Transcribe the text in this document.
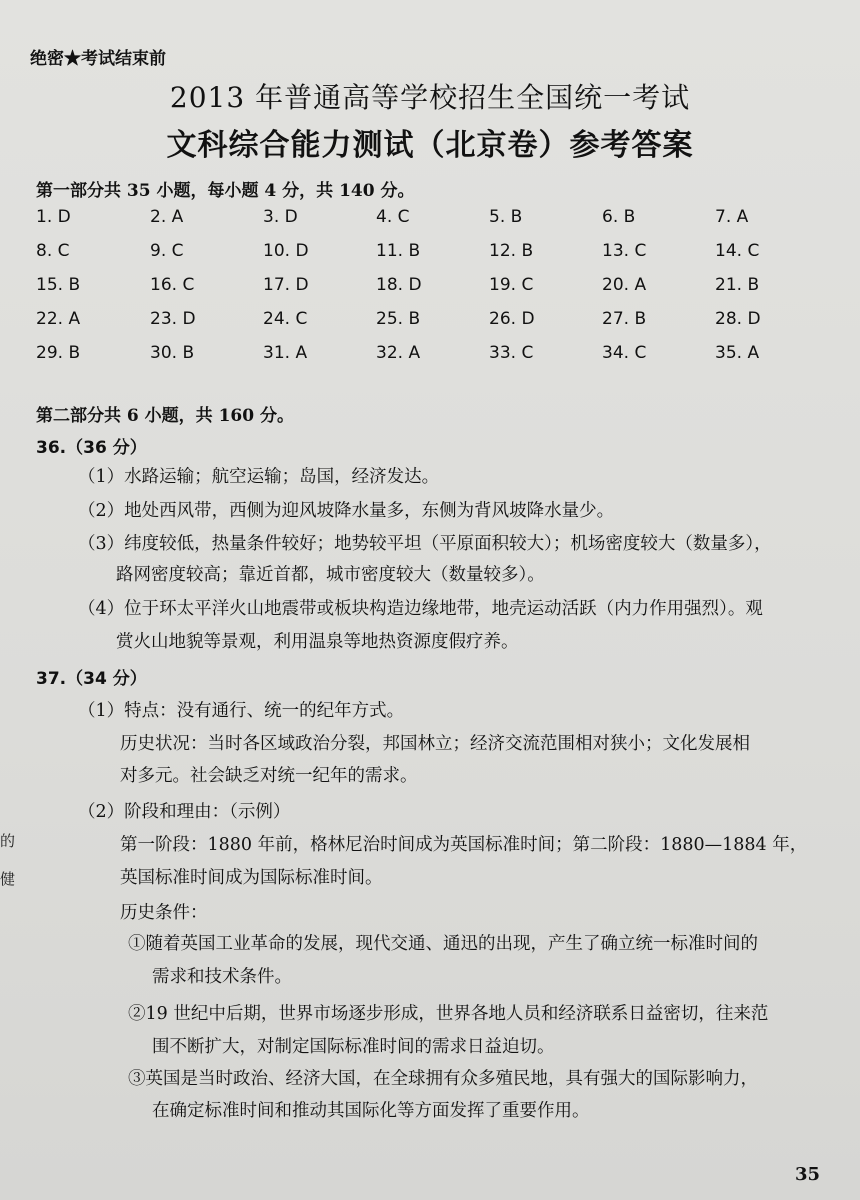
绝密★考试结束前
2013 年普通高等学校招生全国统一考试
文科综合能力测试（北京卷）参考答案
第一部分共 35 小题，每小题 4 分，共 140 分。
1. D	2. A	3. D	4. C	5. B	6. B	7. A
8. C	9. C	10. D	11. B	12. B	13. C	14. C
15. B	16. C	17. D	18. D	19. C	20. A	21. B
22. A	23. D	24. C	25. B	26. D	27. B	28. D
29. B	30. B	31. A	32. A	33. C	34. C	35. A
第二部分共 6 小题，共 160 分。
36.（36 分）
（1）水路运输；航空运输；岛国，经济发达。
（2）地处西风带，西侧为迎风坡降水量多，东侧为背风坡降水量少。
（3）纬度较低，热量条件较好；地势较平坦（平原面积较大）；机场密度较大（数量多），
路网密度较高；靠近首都，城市密度较大（数量较多）。
（4）位于环太平洋火山地震带或板块构造边缘地带，地壳运动活跃（内力作用强烈）。观
赏火山地貌等景观，利用温泉等地热资源度假疗养。
37.（34 分）
（1）特点：没有通行、统一的纪年方式。
历史状况：当时各区域政治分裂，邦国林立；经济交流范围相对狭小；文化发展相
对多元。社会缺乏对统一纪年的需求。
（2）阶段和理由：（示例）
第一阶段：1880 年前，格林尼治时间成为英国标准时间；第二阶段：1880—1884 年，
英国标准时间成为国际标准时间。
历史条件：
①随着英国工业革命的发展，现代交通、通迅的出现，产生了确立统一标准时间的
需求和技术条件。
②19 世纪中后期，世界市场逐步形成，世界各地人员和经济联系日益密切，往来范
围不断扩大，对制定国际标准时间的需求日益迫切。
③英国是当时政治、经济大国，在全球拥有众多殖民地，具有强大的国际影响力，
在确定标准时间和推动其国际化等方面发挥了重要作用。
的
健
35
